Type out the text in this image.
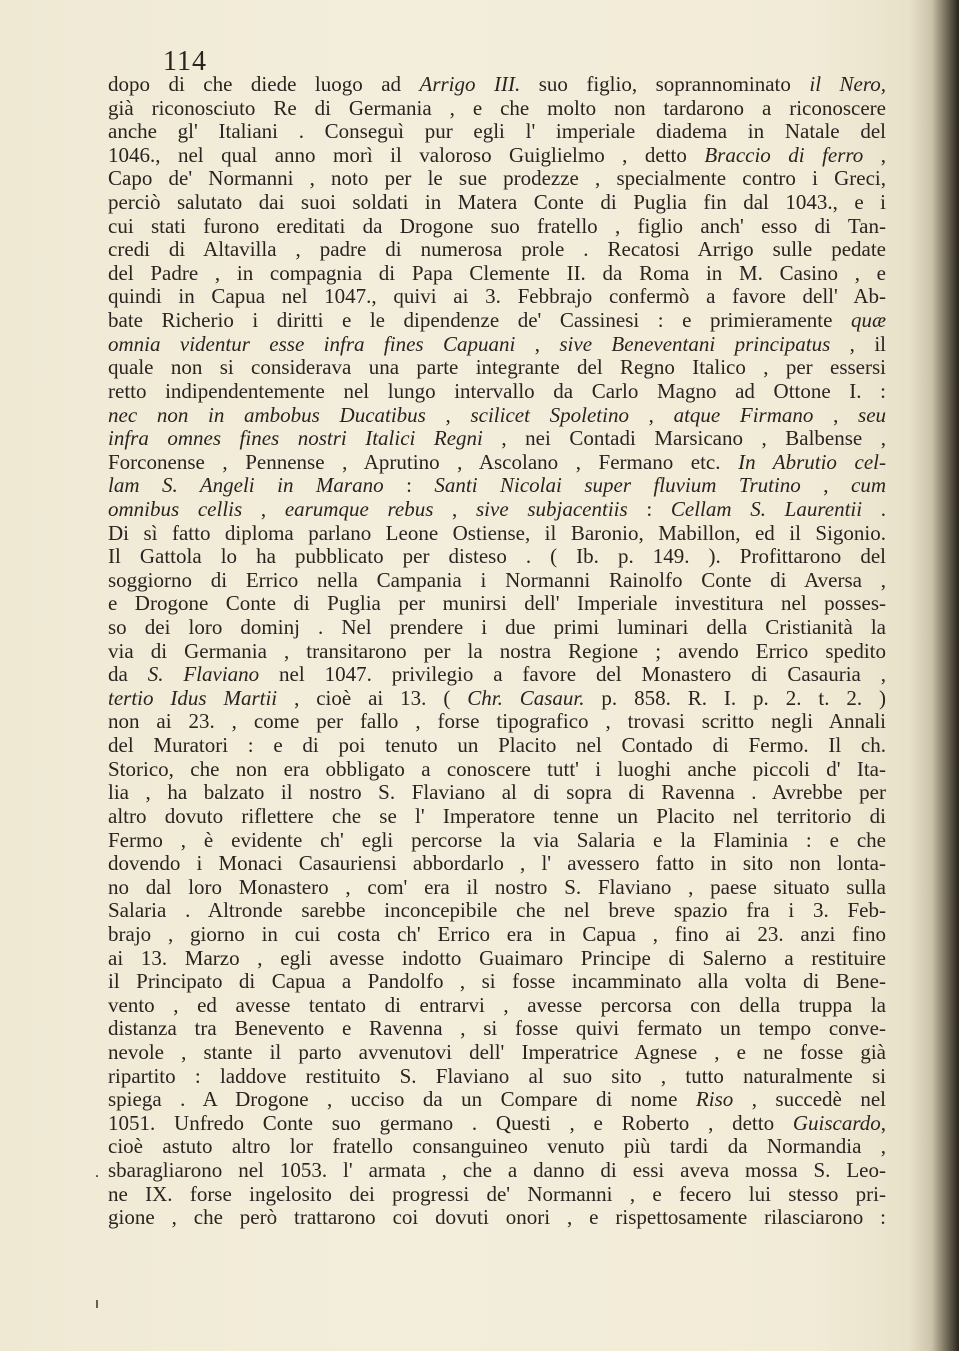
114
dopo di che diede luogo ad Arrigo III. suo figlio, soprannominato il Nero,
già riconosciuto Re di Germania , e che molto non tardarono a riconoscere
anche gl' Italiani . Conseguì pur egli l' imperiale diadema in Natale del
1046., nel qual anno morì il valoroso Guiglielmo , detto Braccio di ferro ,
Capo de' Normanni , noto per le sue prodezze , specialmente contro i Greci,
perciò salutato dai suoi soldati in Matera Conte di Puglia fin dal 1043., e i
cui stati furono ereditati da Drogone suo fratello , figlio anch' esso di Tan-
credi di Altavilla , padre di numerosa prole . Recatosi Arrigo sulle pedate
del Padre , in compagnia di Papa Clemente II. da Roma in M. Casino , e
quindi in Capua nel 1047., quivi ai 3. Febbrajo confermò a favore dell' Ab-
bate Richerio i diritti e le dipendenze de' Cassinesi : e primieramente quæ
omnia videntur esse infra fines Capuani , sive Beneventani principatus , il
quale non si considerava una parte integrante del Regno Italico , per essersi
retto indipendentemente nel lungo intervallo da Carlo Magno ad Ottone I. :
nec non in ambobus Ducatibus , scilicet Spoletino , atque Firmano , seu
infra omnes fines nostri Italici Regni , nei Contadi Marsicano , Balbense ,
Forconense , Pennense , Aprutino , Ascolano , Fermano etc. In Abrutio cel-
lam S. Angeli in Marano : Santi Nicolai super fluvium Trutino , cum
omnibus cellis , earumque rebus , sive subjacentiis : Cellam S. Laurentii .
Di sì fatto diploma parlano Leone Ostiense, il Baronio, Mabillon, ed il Sigonio.
Il Gattola lo ha pubblicato per disteso . ( Ib. p. 149. ). Profittarono del
soggiorno di Errico nella Campania i Normanni Rainolfo Conte di Aversa ,
e Drogone Conte di Puglia per munirsi dell' Imperiale investitura nel posses-
so dei loro dominj . Nel prendere i due primi luminari della Cristianità la
via di Germania , transitarono per la nostra Regione ; avendo Errico spedito
da S. Flaviano nel 1047. privilegio a favore del Monastero di Casauria ,
tertio Idus Martii , cioè ai 13. ( Chr. Casaur. p. 858. R. I. p. 2. t. 2. )
non ai 23. , come per fallo , forse tipografico , trovasi scritto negli Annali
del Muratori : e di poi tenuto un Placito nel Contado di Fermo. Il ch.
Storico, che non era obbligato a conoscere tutt' i luoghi anche piccoli d' Ita-
lia , ha balzato il nostro S. Flaviano al di sopra di Ravenna . Avrebbe per
altro dovuto riflettere che se l' Imperatore tenne un Placito nel territorio di
Fermo , è evidente ch' egli percorse la via Salaria e la Flaminia : e che
dovendo i Monaci Casauriensi abbordarlo , l' avessero fatto in sito non lonta-
no dal loro Monastero , com' era il nostro S. Flaviano , paese situato sulla
Salaria . Altronde sarebbe inconcepibile che nel breve spazio fra i 3. Feb-
brajo , giorno in cui costa ch' Errico era in Capua , fino ai 23. anzi fino
ai 13. Marzo , egli avesse indotto Guaimaro Principe di Salerno a restituire
il Principato di Capua a Pandolfo , si fosse incamminato alla volta di Bene-
vento , ed avesse tentato di entrarvi , avesse percorsa con della truppa la
distanza tra Benevento e Ravenna , si fosse quivi fermato un tempo conve-
nevole , stante il parto avvenutovi dell' Imperatrice Agnese , e ne fosse già
ripartito : laddove restituito S. Flaviano al suo sito , tutto naturalmente si
spiega . A Drogone , ucciso da un Compare di nome Riso , succedè nel
1051. Unfredo Conte suo germano . Questi , e Roberto , detto Guiscardo,
cioè astuto altro lor fratello consanguineo venuto più tardi da Normandia ,
sbaragliarono nel 1053. l' armata , che a danno di essi aveva mossa S. Leo-
ne IX. forse ingelosito dei progressi de' Normanni , e fecero lui stesso pri-
gione , che però trattarono coi dovuti onori , e rispettosamente rilasciarono :
.
